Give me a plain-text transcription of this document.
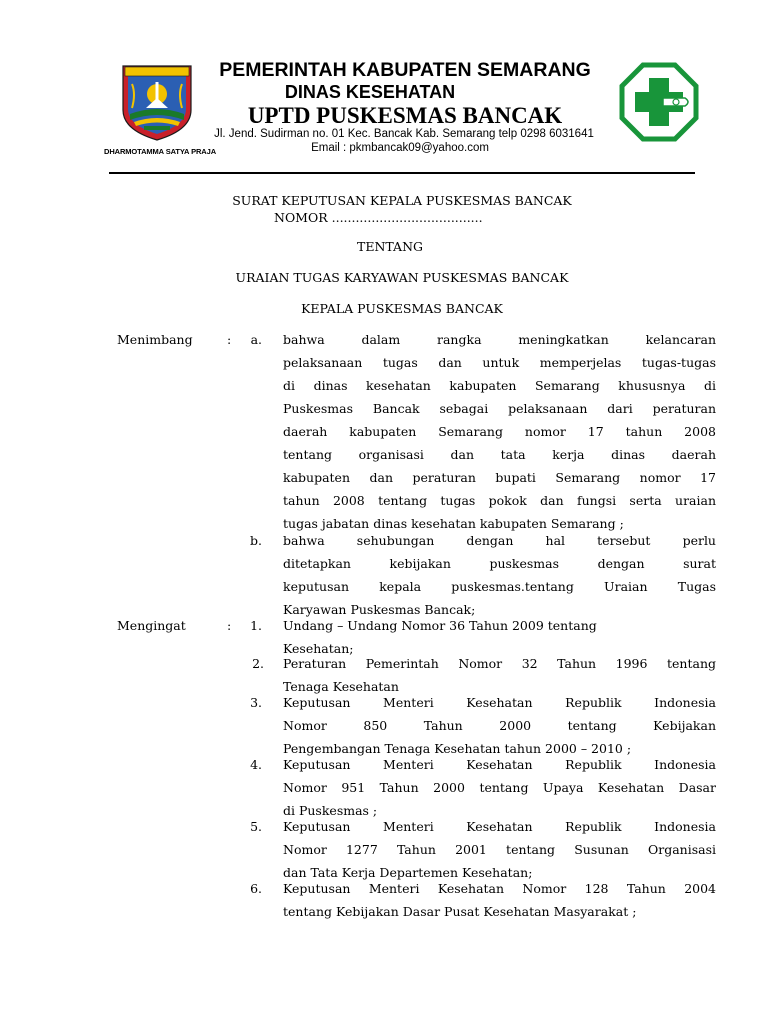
DHARMOTAMMA SATYA PRAJA
PEMERINTAH KABUPATEN SEMARANG
DINAS KESEHATAN
UPTD PUSKESMAS BANCAK
Jl. Jend. Sudirman no. 01 Kec. Bancak Kab. Semarang telp 0298 6031641
Email : pkmbancak09@yahoo.com
SURAT KEPUTUSAN KEPALA PUSKESMAS BANCAK
NOMOR ......................................
TENTANG
URAIAN TUGAS KARYAWAN PUSKESMAS BANCAK
KEPALA PUSKESMAS BANCAK
Menimbang	:	a. bahwa dalam rangka meningkatkan kelancaran
pelaksanaan tugas dan untuk memperjelas tugas-tugas
di dinas kesehatan kabupaten Semarang khususnya di
Puskesmas Bancak sebagai pelaksanaan dari peraturan
daerah kabupaten Semarang nomor 17 tahun 2008
tentang organisasi dan tata kerja dinas daerah
kabupaten dan peraturan bupati Semarang nomor 17
tahun 2008 tentang tugas pokok dan fungsi serta uraian
tugas jabatan dinas kesehatan kabupaten Semarang ;
b. bahwa sehubungan dengan hal tersebut perlu
ditetapkan kebijakan puskesmas dengan surat
keputusan kepala puskesmas.tentang Uraian Tugas
Karyawan Puskesmas Bancak;
Mengingat	:	1. Undang – Undang Nomor 36 Tahun 2009 tentang
Kesehatan;
2. Peraturan Pemerintah Nomor 32 Tahun 1996 tentang
Tenaga Kesehatan
3. Keputusan Menteri Kesehatan Republik Indonesia
Nomor 850 Tahun 2000 tentang Kebijakan
Pengembangan Tenaga Kesehatan tahun 2000 – 2010 ;
4. Keputusan Menteri Kesehatan Republik Indonesia
Nomor 951 Tahun 2000 tentang Upaya Kesehatan Dasar
di Puskesmas ;
5. Keputusan Menteri Kesehatan Republik Indonesia
Nomor 1277 Tahun 2001 tentang Susunan Organisasi
dan Tata Kerja Departemen Kesehatan;
6. Keputusan Menteri Kesehatan Nomor 128 Tahun 2004
tentang Kebijakan Dasar Pusat Kesehatan Masyarakat ;
